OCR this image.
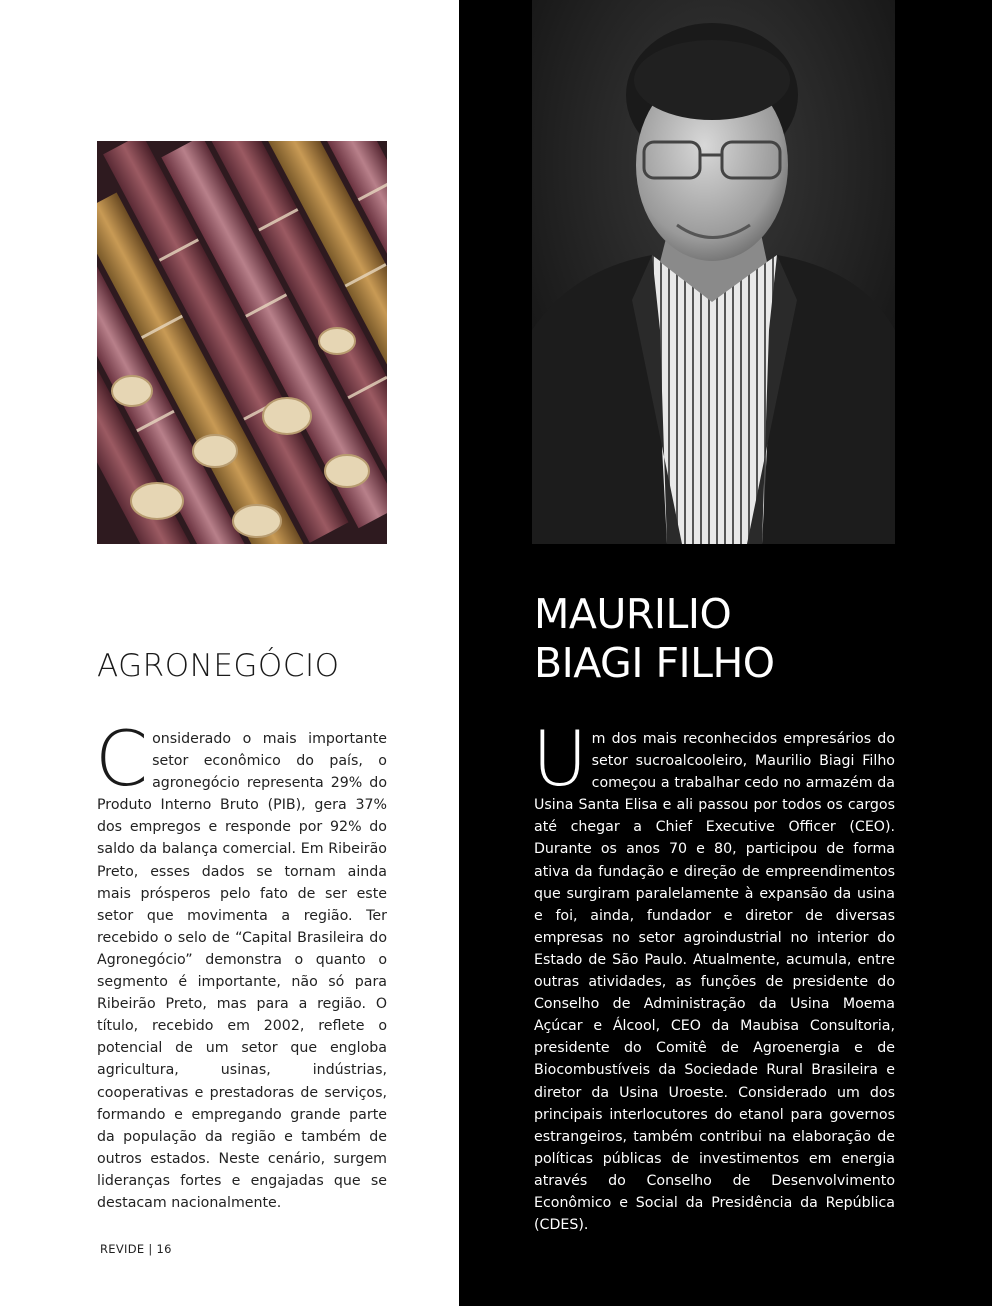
AGRONEGÓCIO
Considerado o mais importante setor econômico do país, o agronegócio representa 29% do Produto Interno Bruto (PIB), gera 37% dos empregos e responde por 92% do saldo da balança comercial. Em Ribeirão Preto, esses dados se tornam ainda mais prósperos pelo fato de ser este setor que movimenta a região. Ter recebido o selo de “Capital Brasileira do Agronegócio” demonstra o quanto o segmento é importante, não só para Ribeirão Preto, mas para a região. O título, recebido em 2002, reflete o potencial de um setor que engloba agricultura, usinas, indústrias, cooperativas e prestadoras de serviços, formando e empregando grande parte da população da região e também de outros estados. Neste cenário, surgem lideranças fortes e engajadas que se destacam nacionalmente.
REVIDE | 16
MAURILIO
BIAGI FILHO
Um dos mais reconhecidos empresários do setor sucroalcooleiro, Maurilio Biagi Filho começou a trabalhar cedo no armazém da Usina Santa Elisa e ali passou por todos os cargos até chegar a Chief Executive Officer (CEO). Durante os anos 70 e 80, participou de forma ativa da fundação e direção de empreendimentos que surgiram paralelamente à expansão da usina e foi, ainda, fundador e diretor de diversas empresas no setor agroindustrial no interior do Estado de São Paulo. Atualmente, acumula, entre outras atividades, as funções de presidente do Conselho de Administração da Usina Moema Açúcar e Álcool, CEO da Maubisa Consultoria, presidente do Comitê de Agroenergia e de Biocombustíveis da Sociedade Rural Brasileira e diretor da Usina Uroeste. Considerado um dos principais interlocutores do etanol para governos estrangeiros, também contribui na elaboração de políticas públicas de investimentos em energia através do Conselho de Desenvolvimento Econômico e Social da Presidência da República (CDES).
